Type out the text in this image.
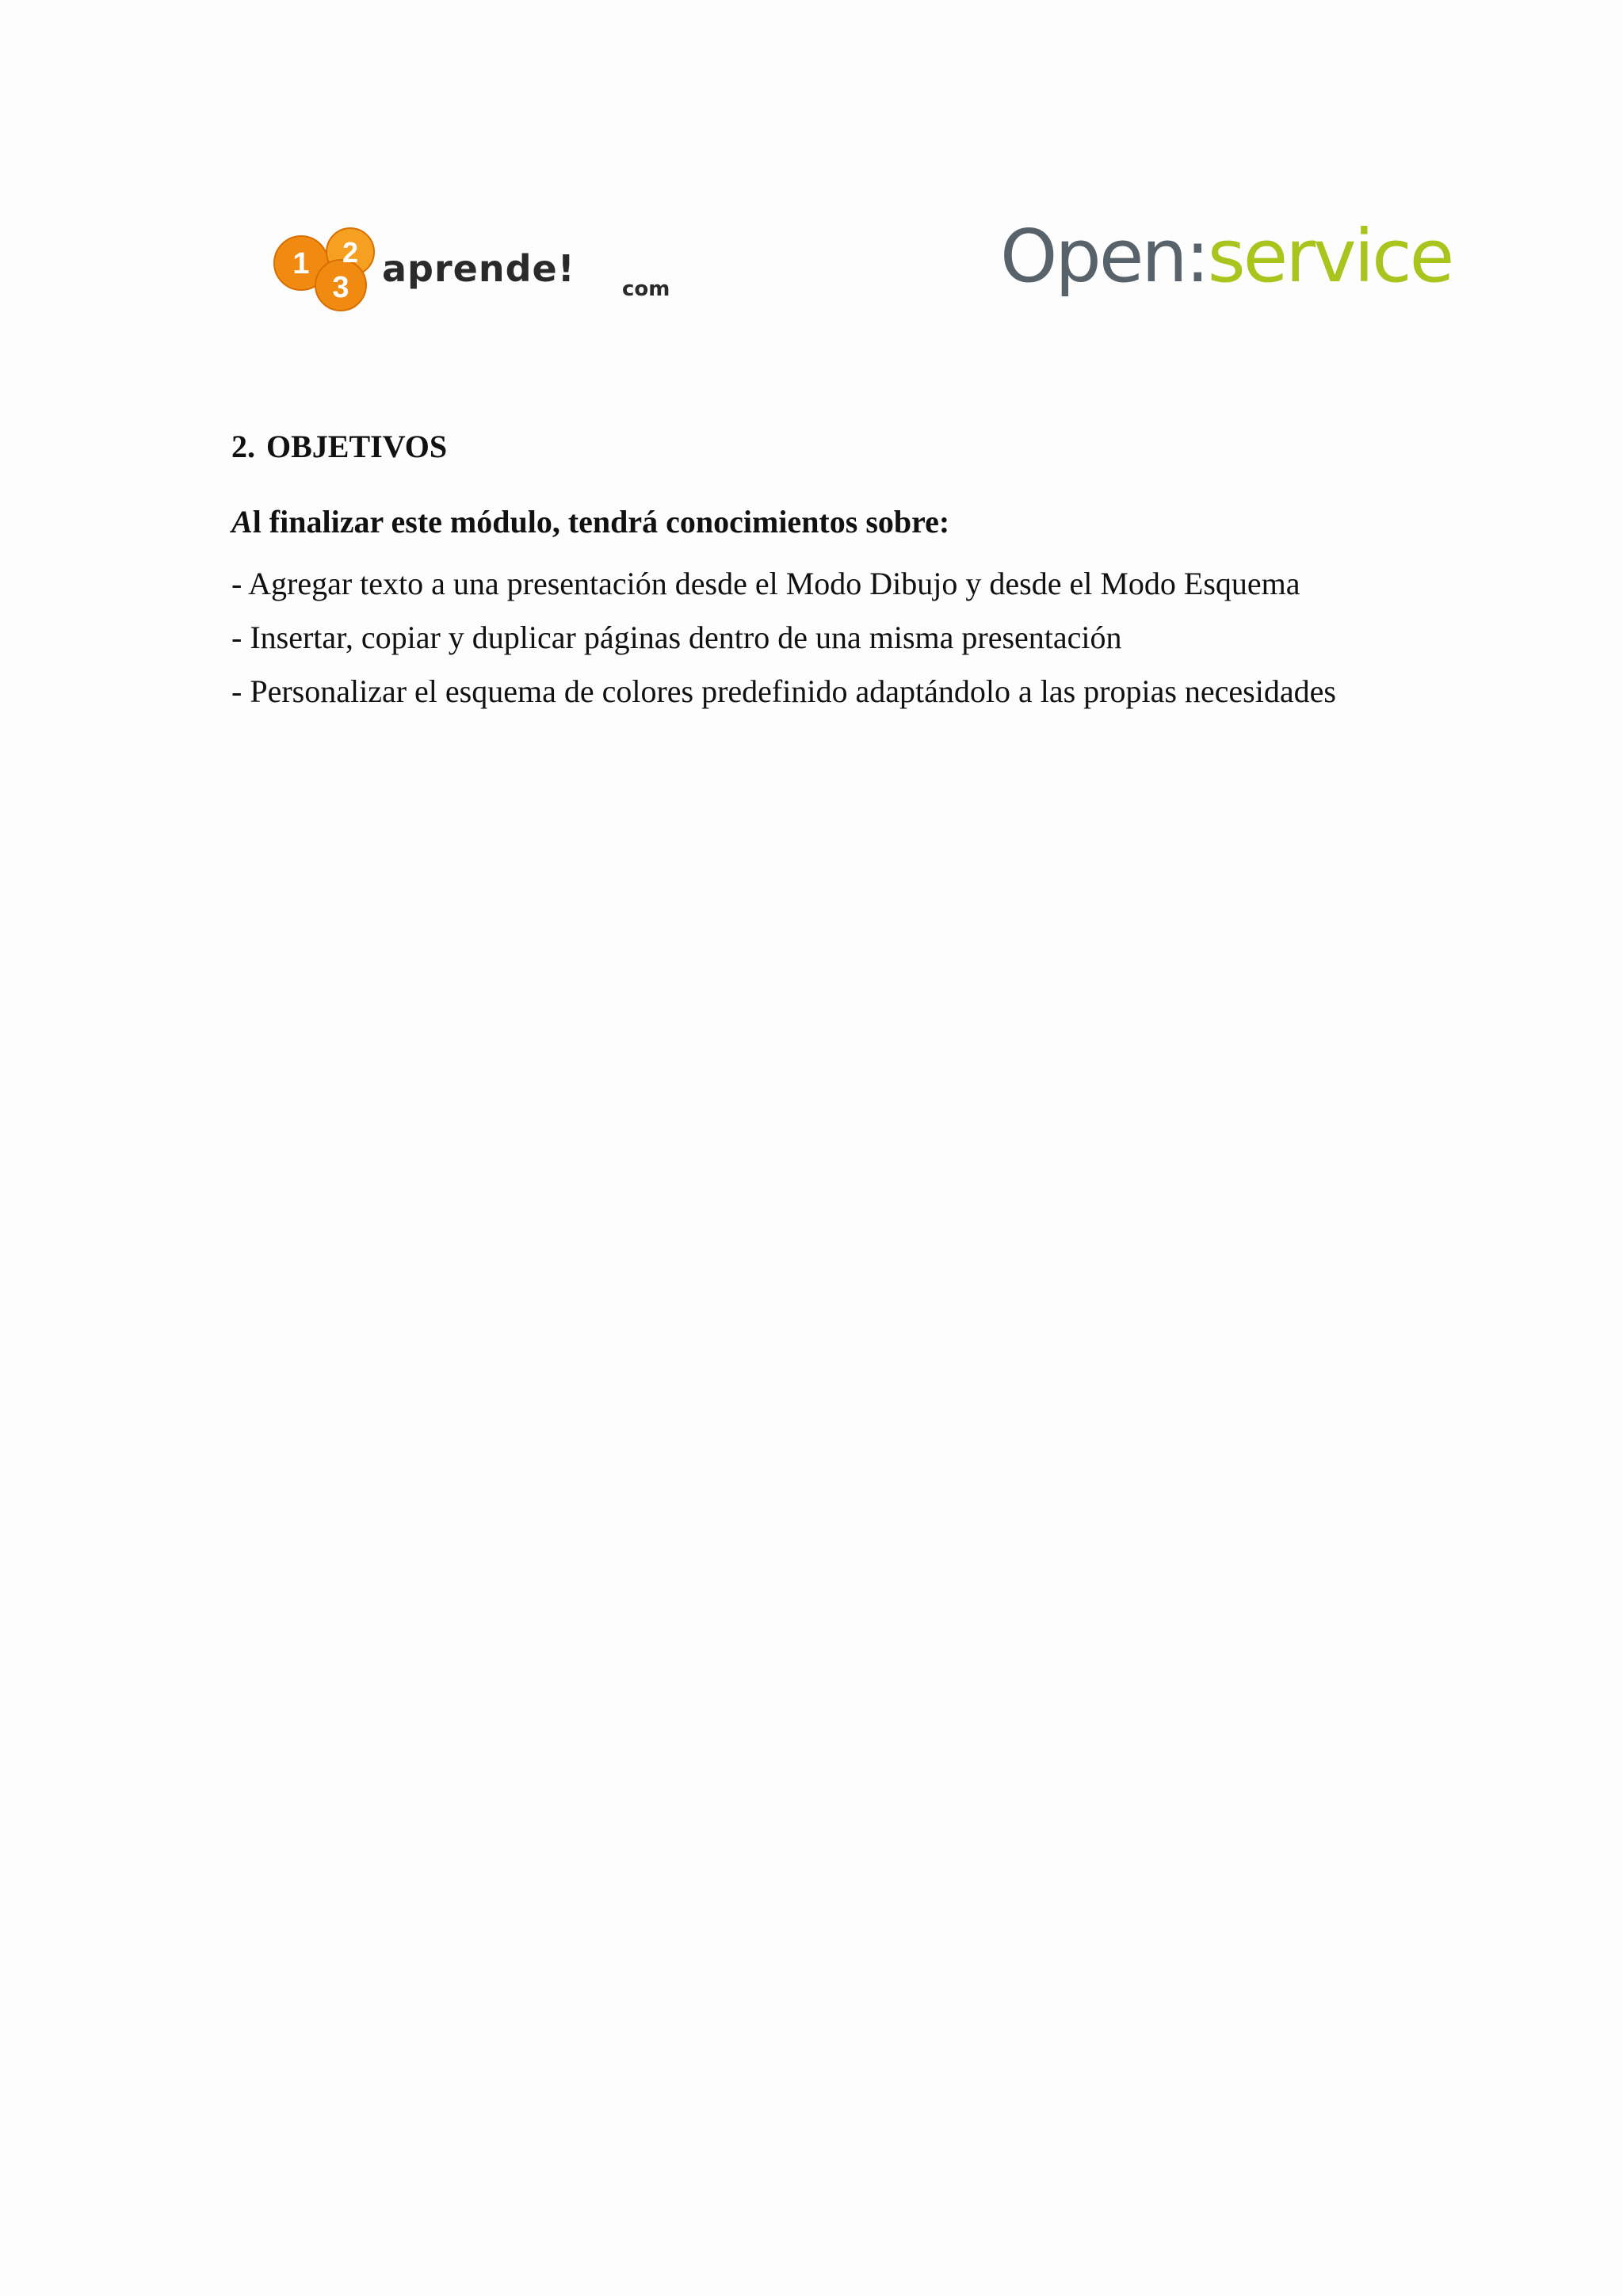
1 2
3 aprende! com	Open:service
2. OBJETIVOS
Al finalizar este módulo, tendrá conocimientos sobre:
- Agregar texto a una presentación desde el Modo Dibujo y desde el Modo Esquema
- Insertar, copiar y duplicar páginas dentro de una misma presentación
- Personalizar el esquema de colores predefinido adaptándolo a las propias necesidades
